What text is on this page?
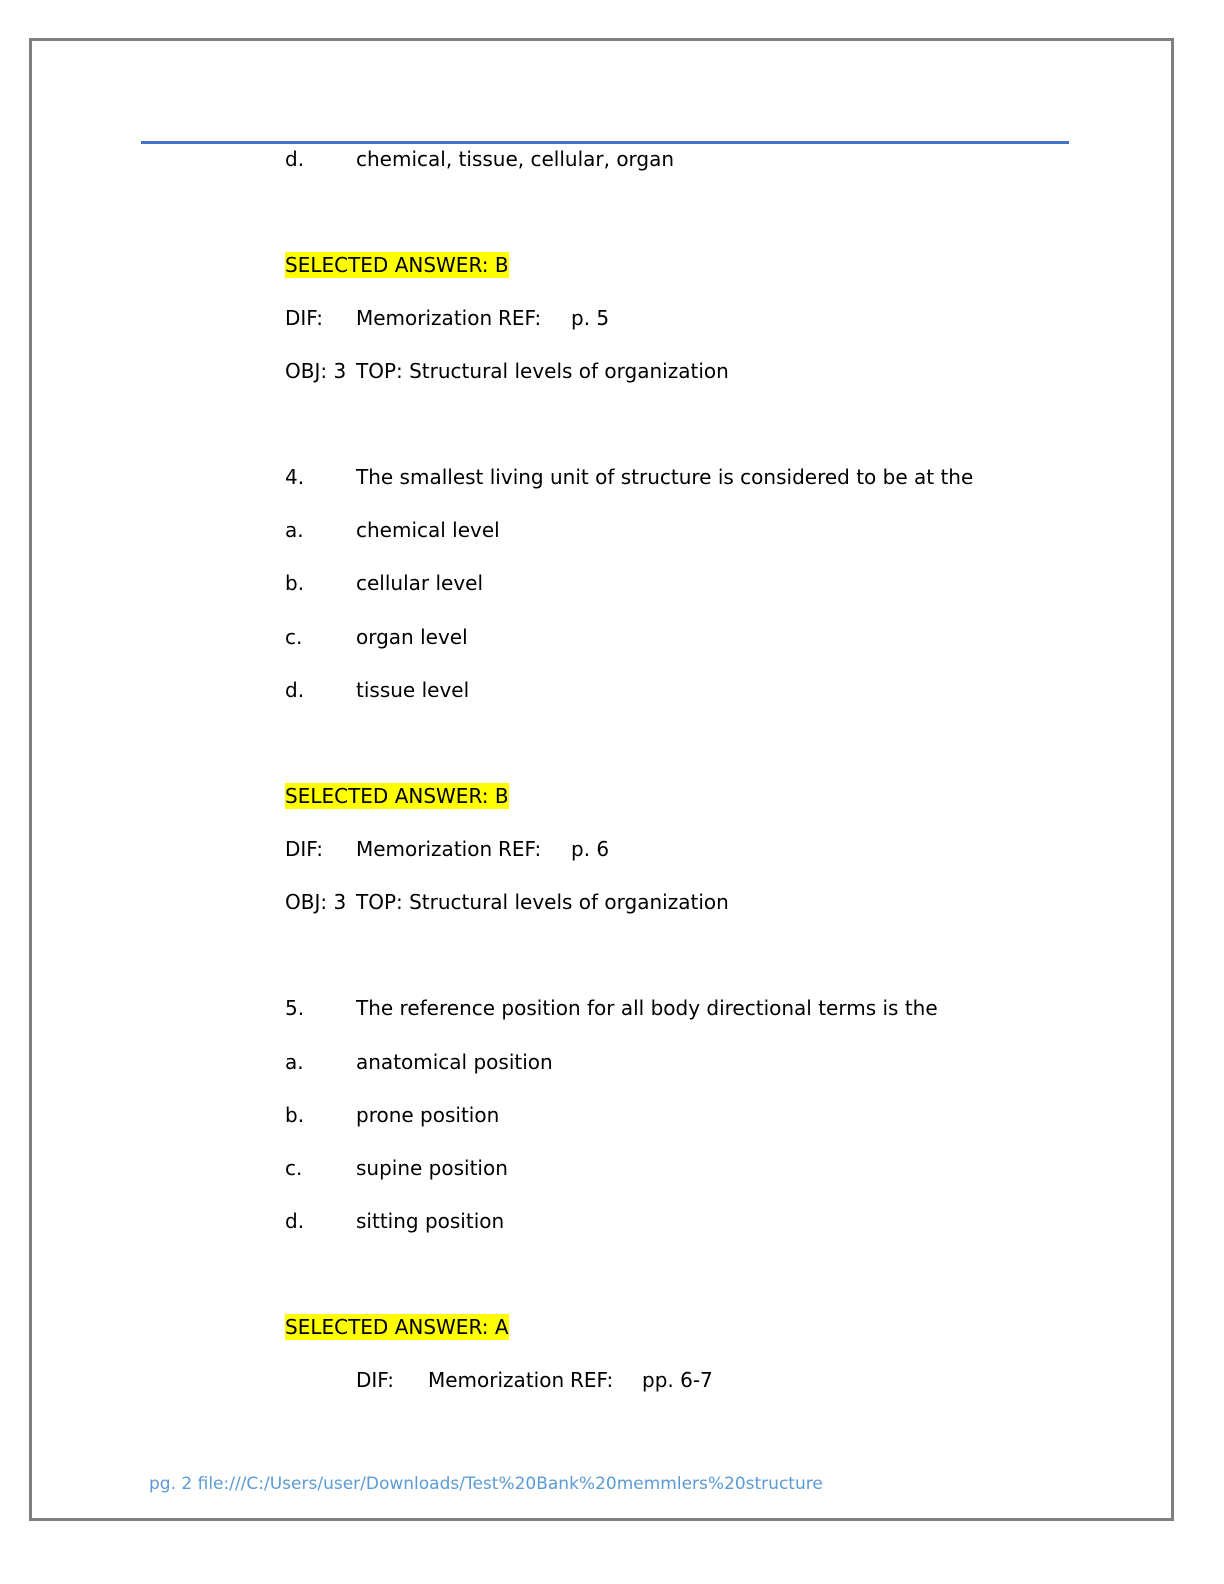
d.	chemical, tissue, cellular, organ
SELECTED ANSWER: B
DIF: Memorization REF: p. 5
OBJ: 3 TOP: Structural levels of organization
4.	The smallest living unit of structure is considered to be at the
a.	chemical level
b.	cellular level
c.	organ level
d.	tissue level
SELECTED ANSWER: B
DIF: Memorization REF: p. 6
OBJ: 3 TOP: Structural levels of organization
5.	The reference position for all body directional terms is the
a.	anatomical position
b.	prone position
c.	supine position
d.	sitting position
SELECTED ANSWER: A
DIF: Memorization REF: pp. 6-7
pg. 2 file:///C:/Users/user/Downloads/Test%20Bank%20memmlers%20structure
